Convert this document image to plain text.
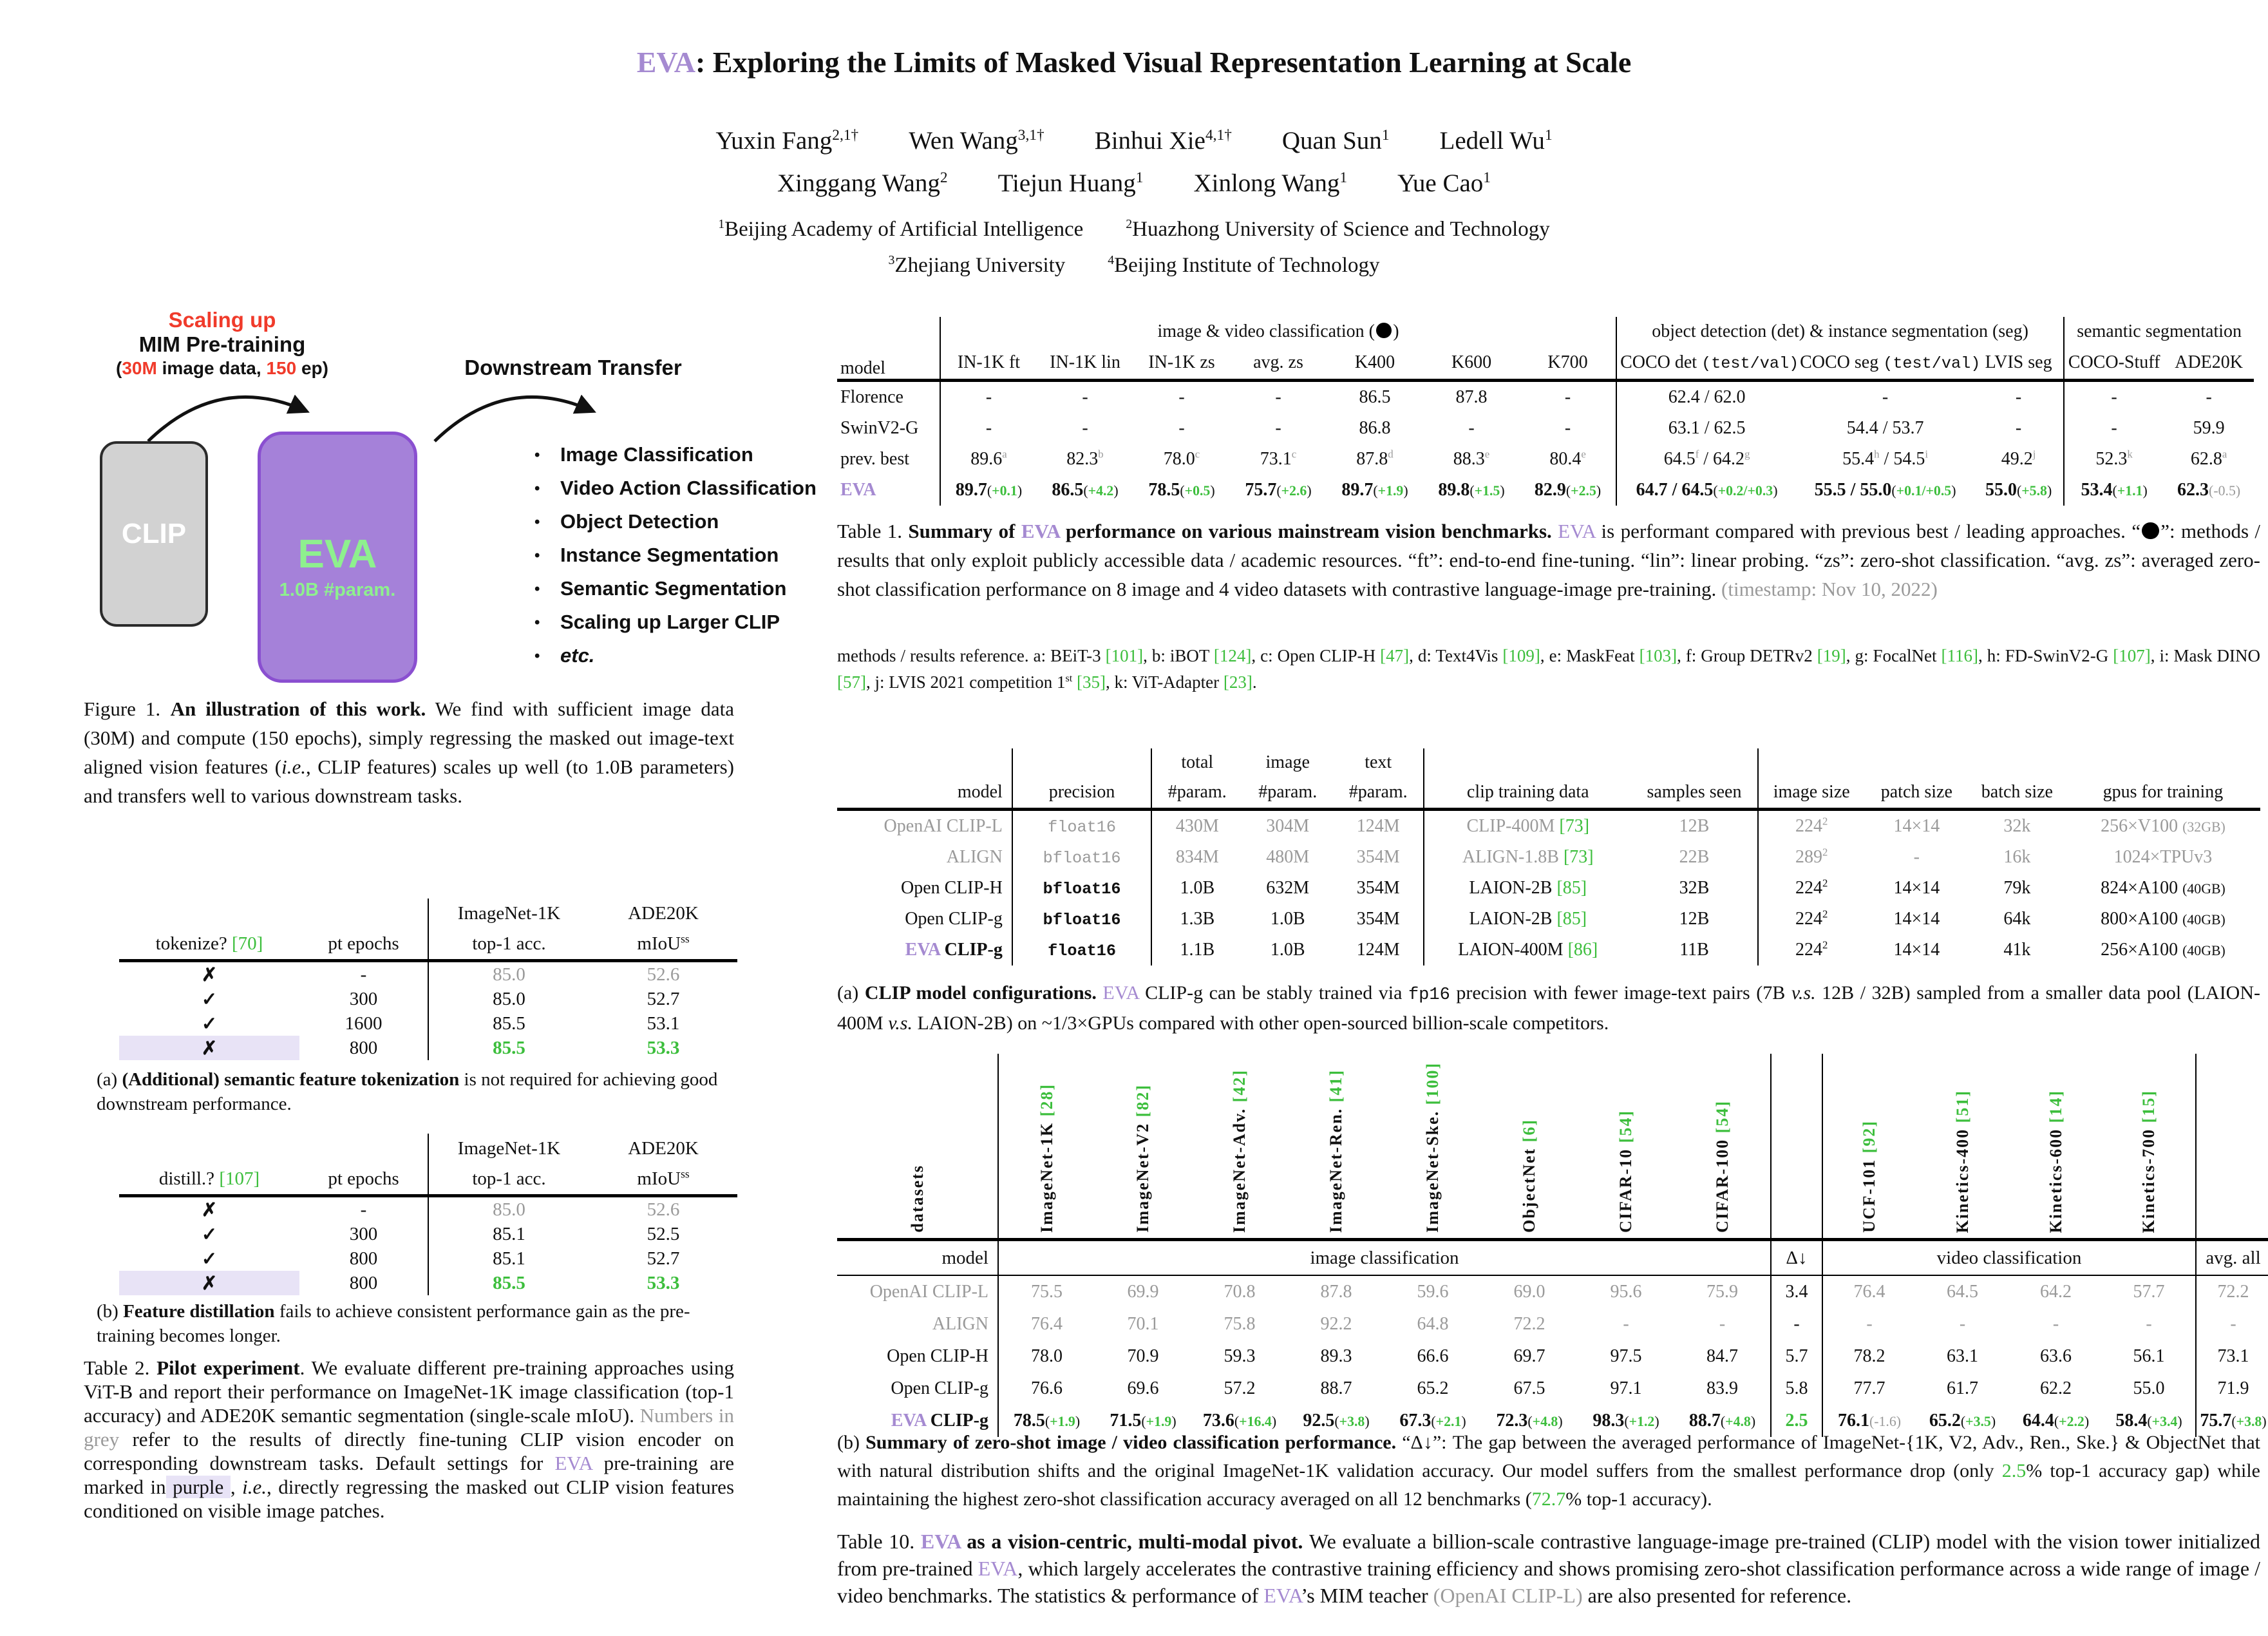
EVA: Exploring the Limits of Masked Visual Representation Learning at Scale
Yuxin Fang$^{2,1\dagger}$   Wen Wang$^{3,1\dagger}$   Binhui Xie$^{4,1\dagger}$   Quan Sun$^1$   Ledell Wu$^1$
Xinggang Wang$^2$   Tiejun Huang$^1$   Xinlong Wang$^1$   Yue Cao$^1$
$^1$Beijing Academy of Artificial Intelligence  	$^2$Huazhong University of Science and Technology
$^3$Zhejiang University  	$^4$Beijing Institute of Technology
Scaling up
MIM Pre-training
(30M image data, 150 ep)	Downstream Transfer
CLIP	EVA
1.0B #param.
• Image Classification
• Video Action Classification
• Object Detection
• Instance Segmentation
• Semantic Segmentation
• Scaling up Larger CLIP
• etc.
Figure 1. An illustration of this work. We find with sufficient image data (30M) and compute (150 epochs), simply regressing the masked out image-text aligned vision features (i.e., CLIP features) scales up well (to 1.0B parameters) and transfers well to various downstream tasks.
	image & video classification ( )							object detection (det) & instance segmentation (seg)			semantic segmentation	
model	IN-1K ft	IN-1K lin	IN-1K zs	avg. zs	K400	K600	K700	COCO det (test/val)	COCO seg (test/val)	LVIS seg	COCO-Stuff	ADE20K
Florence	-	-	-	-	86.5	87.8	-	62.4 / 62.0	-	-	-	-
SwinV2-G	-	-	-	-	86.8	-	-	63.1 / 62.5	54.4 / 53.7	-	-	59.9
prev. best	89.6$^a$	82.3$^b$	78.0$^c$	73.1$^c$	87.8$^d$	88.3e	80.4e	64.5$^f$ / 64.2$^g$	55.4$^h$ / 54.5$^i$	49.2$^j$	52.3$^k$	62.8$^a$
EVA	89.7(+0.1)	86.5(+4.2)	78.5(+0.5)	75.7(+2.6)	89.7(+1.9)	89.8(+1.5)	82.9(+2.5)	64.7 / 64.5(+0.2/+0.3)	55.5 / 55.0(+0.1/+0.5)	55.0(+5.8)	53.4(+1.1)	62.3(-0.5)
Table 1. Summary of EVA performance on various mainstream vision benchmarks. EVA is performant compared with previous best / leading approaches. “ ”: methods / results that only exploit publicly accessible data / academic resources. “ft”: end-to-end fine-tuning. “lin”: linear probing. “zs”: zero-shot classification. “avg. zs”: averaged zero-shot classification performance on 8 image and 4 video datasets with contrastive language-image pre-training. (timestamp: Nov 10, 2022)
methods / results reference. a: BEiT-3 [101], b: iBOT [124], c: Open CLIP-H [47], d: Text4Vis [109], e: MaskFeat [103], f: Group DETRv2 [19], g: FocalNet [116], h: FD-SwinV2-G [107], i: Mask DINO [57], j: LVIS 2021 competition 1st [35], k: ViT-Adapter [23].
		ImageNet-1K	ADE20K
tokenize? [70]	pt epochs	top-1 acc.	mIoU$^{ss}$
✗	-	85.0	52.6
✓	300	85.0	52.7
✓	1600	85.5	53.1
✗	800	85.5	53.3
(a) (Additional) semantic feature tokenization is not required for achieving good downstream performance.
		ImageNet-1K	ADE20K
distill.? [107]	pt epochs	top-1 acc.	mIoU$^{ss}$
✗	-	85.0	52.6
✓	300	85.1	52.5
✓	800	85.1	52.7
✗	800	85.5	53.3
(b) Feature distillation fails to achieve consistent performance gain as the pre-training becomes longer.
Table 2. Pilot experiment. We evaluate different pre-training approaches using ViT-B and report their performance on ImageNet-1K image classification (top-1 accuracy) and ADE20K semantic segmentation (single-scale mIoU). Numbers in grey refer to the results of directly fine-tuning CLIP vision encoder on corresponding downstream tasks. Default settings for EVA pre-training are marked in purple , i.e., directly regressing the masked out CLIP vision features conditioned on visible image patches.
		total	image	text						
model	precision	#param.	#param.	#param.	clip training data	samples seen	image size	patch size	batch size	gpus for training
OpenAI CLIP-L	float16	430M	304M	124M	CLIP-400M [73]	12B	$224^2$	14×14	32k	256×V100 (32GB)
ALIGN	bfloat16	834M	480M	354M	ALIGN-1.8B [73]	22B	$289^2$	-	16k	1024×TPUv3
Open CLIP-H	bfloat16	1.0B	632M	354M	LAION-2B [85]	32B	$224^2$	14×14	79k	824×A100 (40GB)
Open CLIP-g	bfloat16	1.3B	1.0B	354M	LAION-2B [85]	12B	$224^2$	14×14	64k	800×A100 (40GB)
EVA CLIP-g	float16	1.1B	1.0B	124M	LAION-400M [86]	11B	$224^2$	14×14	41k	256×A100 (40GB)
(a) CLIP model configurations. EVA CLIP-g can be stably trained via fp16 precision with fewer image-text pairs (7B v.s. 12B / 32B) sampled from a smaller data pool (LAION-400M v.s. LAION-2B) on ~1/3×GPUs compared with other open-sourced billion-scale competitors.
datasets	ImageNet-1K [28]	ImageNet-V2 [82]	ImageNet-Adv. [42]	ImageNet-Ren. [41]	ImageNet-Ske. [100]	ObjectNet [6]	CIFAR-10 [54]	CIFAR-100 [54]		UCF-101 [92]	Kinetics-400 [51]	Kinetics-600 [14]	Kinetics-700 [15]	

model	image classification								Δ↓	video classification				avg. all
OpenAI CLIP-L	75.5	69.9	70.8	87.8	59.6	69.0	95.6	75.9	3.4	76.4	64.5	64.2	57.7	72.2
ALIGN	76.4	70.1	75.8	92.2	64.8	72.2	-	-	-	-	-	-	-	-
Open CLIP-H	78.0	70.9	59.3	89.3	66.6	69.7	97.5	84.7	5.7	78.2	63.1	63.6	56.1	73.1
Open CLIP-g	76.6	69.6	57.2	88.7	65.2	67.5	97.1	83.9	5.8	77.7	61.7	62.2	55.0	71.9
EVA CLIP-g	78.5(+1.9)	71.5(+1.9)	73.6(+16.4)	92.5(+3.8)	67.3(+2.1)	72.3(+4.8)	98.3(+1.2)	88.7(+4.8)	2.5	76.1(-1.6)	65.2(+3.5)	64.4(+2.2)	58.4(+3.4)	75.7(+3.8)
(b) Summary of zero-shot image / video classification performance. “Δ↓”: The gap between the averaged performance of ImageNet-{1K, V2, Adv., Ren., Ske.} & ObjectNet that with natural distribution shifts and the original ImageNet-1K validation accuracy. Our model suffers from the smallest performance drop (only 2.5% top-1 accuracy gap) while maintaining the highest zero-shot classification accuracy averaged on all 12 benchmarks (72.7% top-1 accuracy).
Table 10. EVA as a vision-centric, multi-modal pivot. We evaluate a billion-scale contrastive language-image pre-trained (CLIP) model with the vision tower initialized from pre-trained EVA, which largely accelerates the contrastive training efficiency and shows promising zero-shot classification performance across a wide range of image / video benchmarks. The statistics & performance of EVA’s MIM teacher (OpenAI CLIP-L) are also presented for reference.
